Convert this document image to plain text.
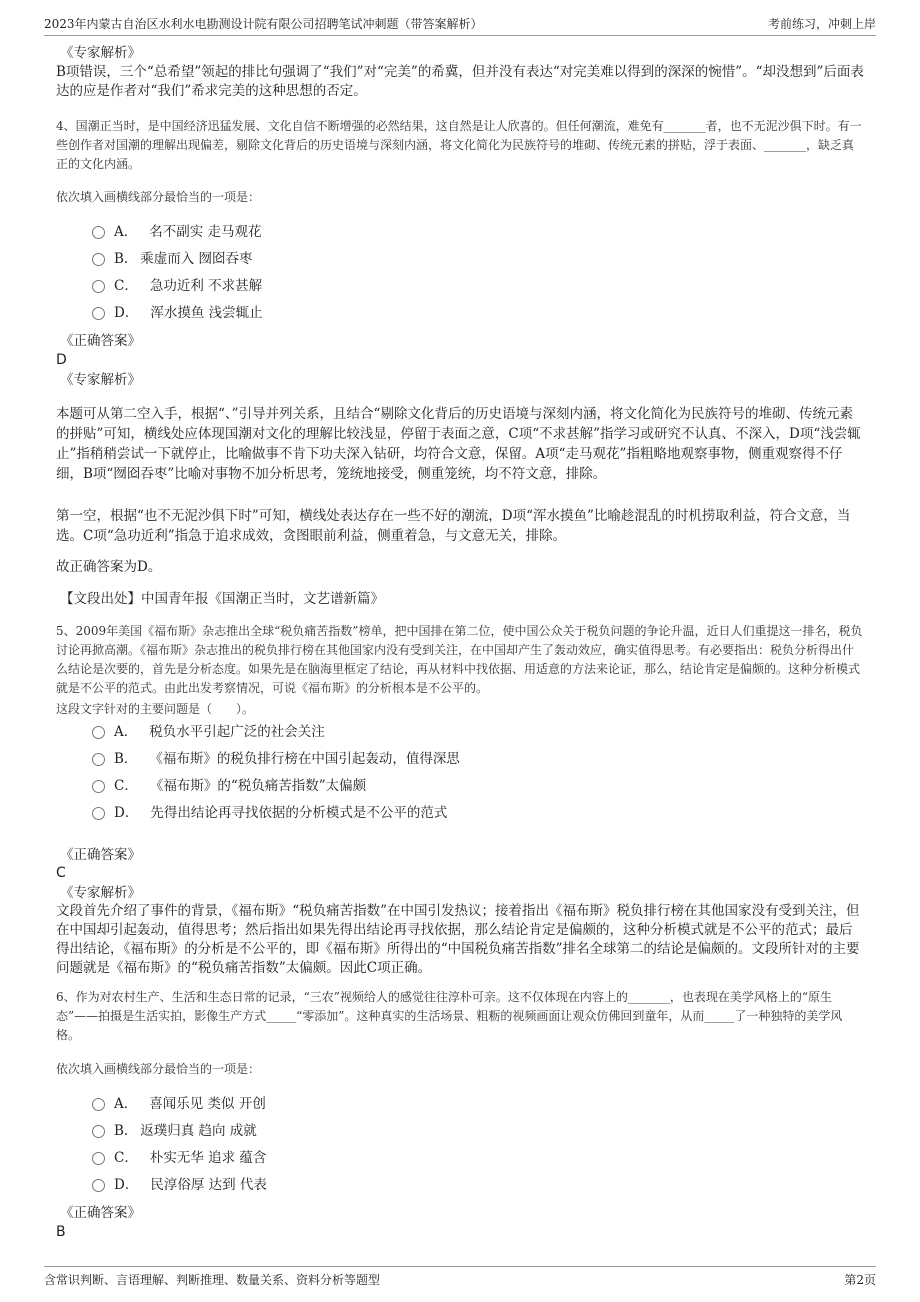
2023年内蒙古自治区水利水电勘测设计院有限公司招聘笔试冲刺题（带答案解析）	考前练习，冲刺上岸
《专家解析》
B项错误，三个“总希望”领起的排比句强调了“我们”对“完美”的希冀，但并没有表达“对完美难以得到的深深的惋惜”。“却没想到”后面表达的应是作者对“我们”希求完美的这种思想的否定。
4、国潮正当时，是中国经济迅猛发展、文化自信不断增强的必然结果，这自然是让人欣喜的。但任何潮流，难免有_______者，也不无泥沙俱下时。有一些创作者对国潮的理解出现偏差，剔除文化背后的历史语境与深刻内涵，将文化简化为民族符号的堆砌、传统元素的拼贴，浮于表面、_______，缺乏真正的文化内涵。
依次填入画横线部分最恰当的一项是：
A． 名不副实 走马观花
B. 乘虚而入 囫囵吞枣
C． 急功近利 不求甚解
D． 浑水摸鱼 浅尝辄止
《正确答案》
D
《专家解析》
本题可从第二空入手，根据“、”引导并列关系，且结合“剔除文化背后的历史语境与深刻内涵，将文化简化为民族符号的堆砌、传统元素的拼贴”可知，横线处应体现国潮对文化的理解比较浅显，停留于表面之意，C项“不求甚解”指学习或研究不认真、不深入，D项“浅尝辄止”指稍稍尝试一下就停止，比喻做事不肯下功夫深入钻研，均符合文意，保留。A项“走马观花”指粗略地观察事物，侧重观察得不仔细，B项“囫囵吞枣”比喻对事物不加分析思考，笼统地接受，侧重笼统，均不符文意，排除。
第一空，根据“也不无泥沙俱下时”可知，横线处表达存在一些不好的潮流，D项“浑水摸鱼”比喻趁混乱的时机捞取利益，符合文意，当选。C项“急功近利”指急于追求成效，贪图眼前利益，侧重着急，与文意无关，排除。
故正确答案为D。
【文段出处】中国青年报《国潮正当时，文艺谱新篇》
5、2009年美国《福布斯》杂志推出全球“税负痛苦指数”榜单，把中国排在第二位，使中国公众关于税负问题的争论升温，近日人们重提这一排名，税负讨论再掀高潮。《福布斯》杂志推出的税负排行榜在其他国家内没有受到关注，在中国却产生了轰动效应，确实值得思考。有必要指出：税负分析得出什么结论是次要的，首先是分析态度。如果先是在脑海里框定了结论，再从材料中找依据、用适意的方法来论证，那么，结论肯定是偏颇的。这种分析模式就是不公平的范式。由此出发考察情况，可说《福布斯》的分析根本是不公平的。
这段文字针对的主要问题是（　　）。
A． 税负水平引起广泛的社会关注
B． 《福布斯》的税负排行榜在中国引起轰动，值得深思
C． 《福布斯》的“税负痛苦指数”太偏颇
D． 先得出结论再寻找依据的分析模式是不公平的范式
《正确答案》
C
《专家解析》
文段首先介绍了事件的背景，《福布斯》“税负痛苦指数”在中国引发热议；接着指出《福布斯》税负排行榜在其他国家没有受到关注，但在中国却引起轰动，值得思考；然后指出如果先得出结论再寻找依据，那么结论肯定是偏颇的，这种分析模式就是不公平的范式；最后得出结论，《福布斯》的分析是不公平的，即《福布斯》所得出的“中国税负痛苦指数”排名全球第二的结论是偏颇的。文段所针对的主要问题就是《福布斯》的“税负痛苦指数”太偏颇。因此C项正确。
6、作为对农村生产、生活和生态日常的记录，“三农”视频给人的感觉往往淳朴可亲。这不仅体现在内容上的_______，也表现在美学风格上的“原生态”——拍摄是生活实拍，影像生产方式_____“零添加”。这种真实的生活场景、粗粝的视频画面让观众仿佛回到童年，从而_____了一种独特的美学风格。
依次填入画横线部分最恰当的一项是：
A． 喜闻乐见 类似 开创
B. 返璞归真 趋向 成就
C． 朴实无华 追求 蕴含
D． 民淳俗厚 达到 代表
《正确答案》
B
含常识判断、言语理解、判断推理、数量关系、资料分析等题型	第2页
